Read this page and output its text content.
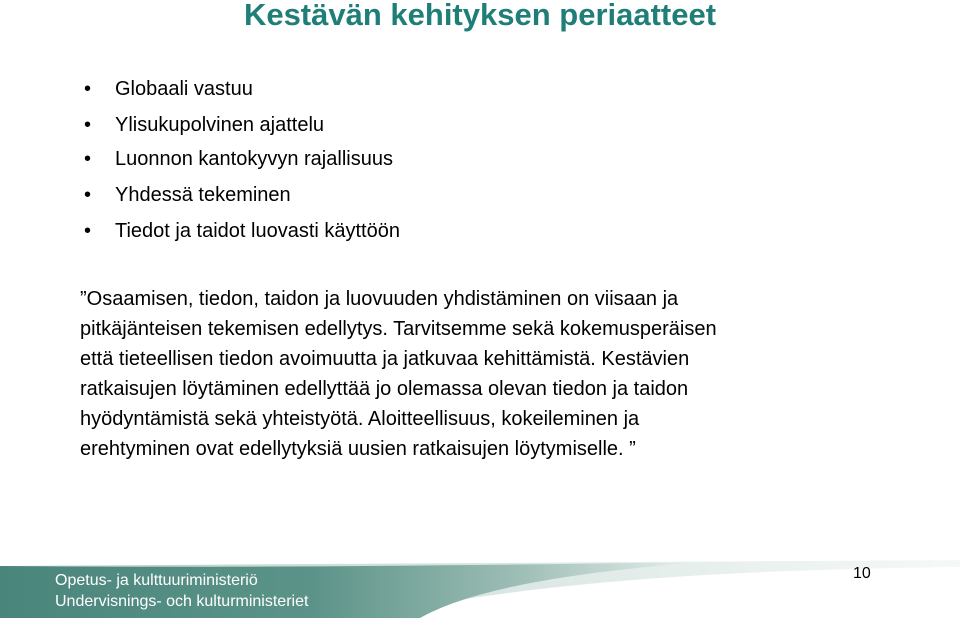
Kestävän kehityksen periaatteet
• Globaali vastuu
• Ylisukupolvinen ajattelu
• Luonnon kantokyvyn rajallisuus
• Yhdessä tekeminen
• Tiedot ja taidot luovasti käyttöön
”Osaamisen, tiedon, taidon ja luovuuden yhdistäminen on viisaan ja
pitkäjänteisen tekemisen edellytys. Tarvitsemme sekä kokemusperäisen
että tieteellisen tiedon avoimuutta ja jatkuvaa kehittämistä. Kestävien
ratkaisujen löytäminen edellyttää jo olemassa olevan tiedon ja taidon
hyödyntämistä sekä yhteistyötä. Aloitteellisuus, kokeileminen ja
erehtyminen ovat edellytyksiä uusien ratkaisujen löytymiselle. ”
Opetus- ja kulttuuriministeriö
Undervisnings- och kulturministeriet
10
